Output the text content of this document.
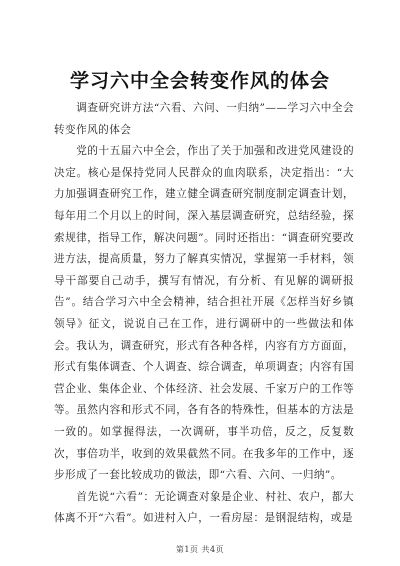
学习六中全会转变作风的体会

调查研究讲方法“六看、六问、一归纳”——学习六中全会转变作风的体会

党的十五届六中全会，作出了关于加强和改进党风建设的决定。核心是保持党同人民群众的血肉联系，决定指出：“大力加强调查研究工作，建立健全调查研究制度制定调查计划，每年用二个月以上的时间，深入基层调查研究，总结经验，探索规律，指导工作，解决问题”。同时还指出：“调查研究要改进方法，提高质量，努力了解真实情况，掌握第一手材料，领导干部要自己动手，撰写有情况，有分析、有见解的调研报告”。结合学习六中全会精神，结合担社开展《怎样当好乡镇领导》征文，说说自己在工作，进行调研中的一些做法和体会。我认为，调查研究，形式有各种各样，内容有方方面面，形式有集体调查、个人调查、综合调查，单项调查；内容有国营企业、集体企业、个体经济、社会发展、千家万户的工作等等。虽然内容和形式不同，各有各的特殊性，但基本的方法是一致的。如掌握得法，一次调研，事半功倍，反之，反复数次，事倍功半，收到的效果截然不同。在我多年的工作中，逐步形成了一套比较成功的做法，即“六看、六问、一归纳”。

首先说“六看”：无论调查对象是企业、村社、农户，都大体离不开“六看”。如进村入户，一看房屋：是钢混结构，或是

第1页 共4页
